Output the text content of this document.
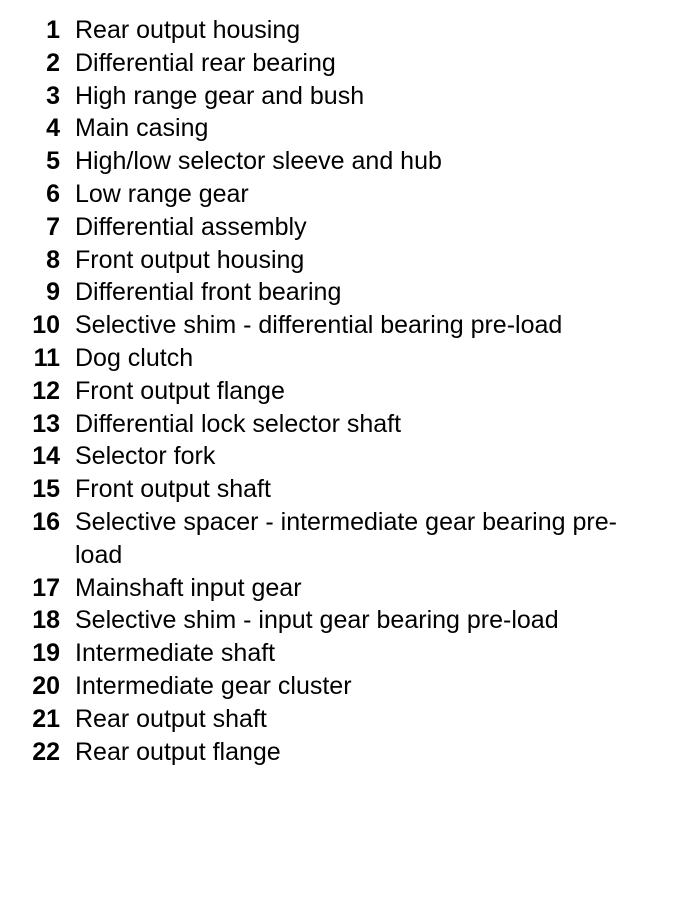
1 Rear output housing
2 Differential rear bearing
3 High range gear and bush
4 Main casing
5 High/low selector sleeve and hub
6 Low range gear
7 Differential assembly
8 Front output housing
9 Differential front bearing
10 Selective shim - differential bearing pre-load
11 Dog clutch
12 Front output flange
13 Differential lock selector shaft
14 Selector fork
15 Front output shaft
16 Selective spacer - intermediate gear bearing pre-load
17 Mainshaft input gear
18 Selective shim - input gear bearing pre-load
19 Intermediate shaft
20 Intermediate gear cluster
21 Rear output shaft
22 Rear output flange
